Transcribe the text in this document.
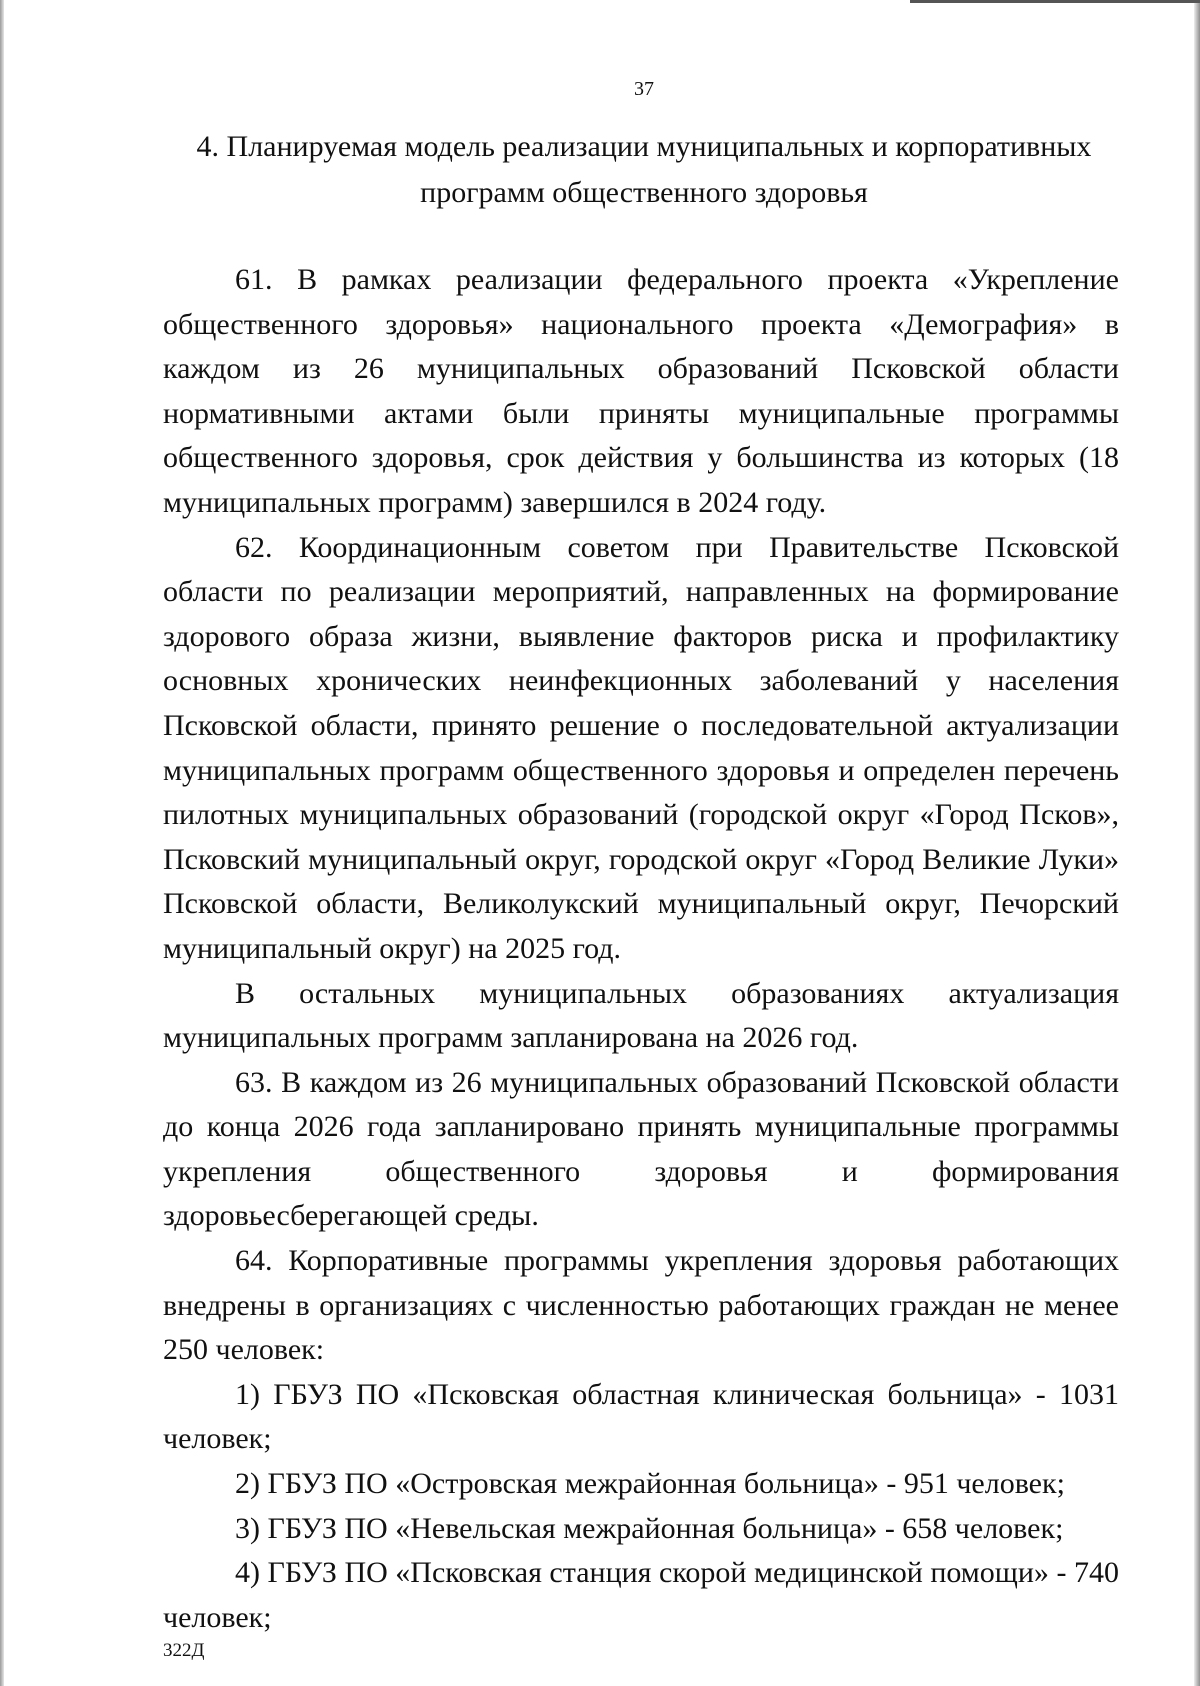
37
4. Планируемая модель реализации муниципальных и корпоративных программ общественного здоровья

61. В рамках реализации федерального проекта «Укрепление общественного здоровья» национального проекта «Демография» в каждом из 26 муниципальных образований Псковской области нормативными актами были приняты муниципальные программы общественного здоровья, срок действия у большинства из которых (18 муниципальных программ) завершился в 2024 году.

62. Координационным советом при Правительстве Псковской области по реализации мероприятий, направленных на формирование здорового образа жизни, выявление факторов риска и профилактику основных хронических неинфекционных заболеваний у населения Псковской области, принято решение о последовательной актуализации муниципальных программ общественного здоровья и определен перечень пилотных муниципальных образований (городской округ «Город Псков», Псковский муниципальный округ, городской округ «Город Великие Луки» Псковской области, Великолукский муниципальный округ, Печорский муниципальный округ) на 2025 год.

В остальных муниципальных образованиях актуализация муниципальных программ запланирована на 2026 год.

63. В каждом из 26 муниципальных образований Псковской области до конца 2026 года запланировано принять муниципальные программы укрепления общественного здоровья и формирования здоровьесберегающей среды.

64. Корпоративные программы укрепления здоровья работающих внедрены в организациях с численностью работающих граждан не менее 250 человек:

1) ГБУЗ ПО «Псковская областная клиническая больница» - 1031 человек;

2) ГБУЗ ПО «Островская межрайонная больница» - 951 человек;

3) ГБУЗ ПО «Невельская межрайонная больница» - 658 человек;

4) ГБУЗ ПО «Псковская станция скорой медицинской помощи» - 740 человек;

322Д
